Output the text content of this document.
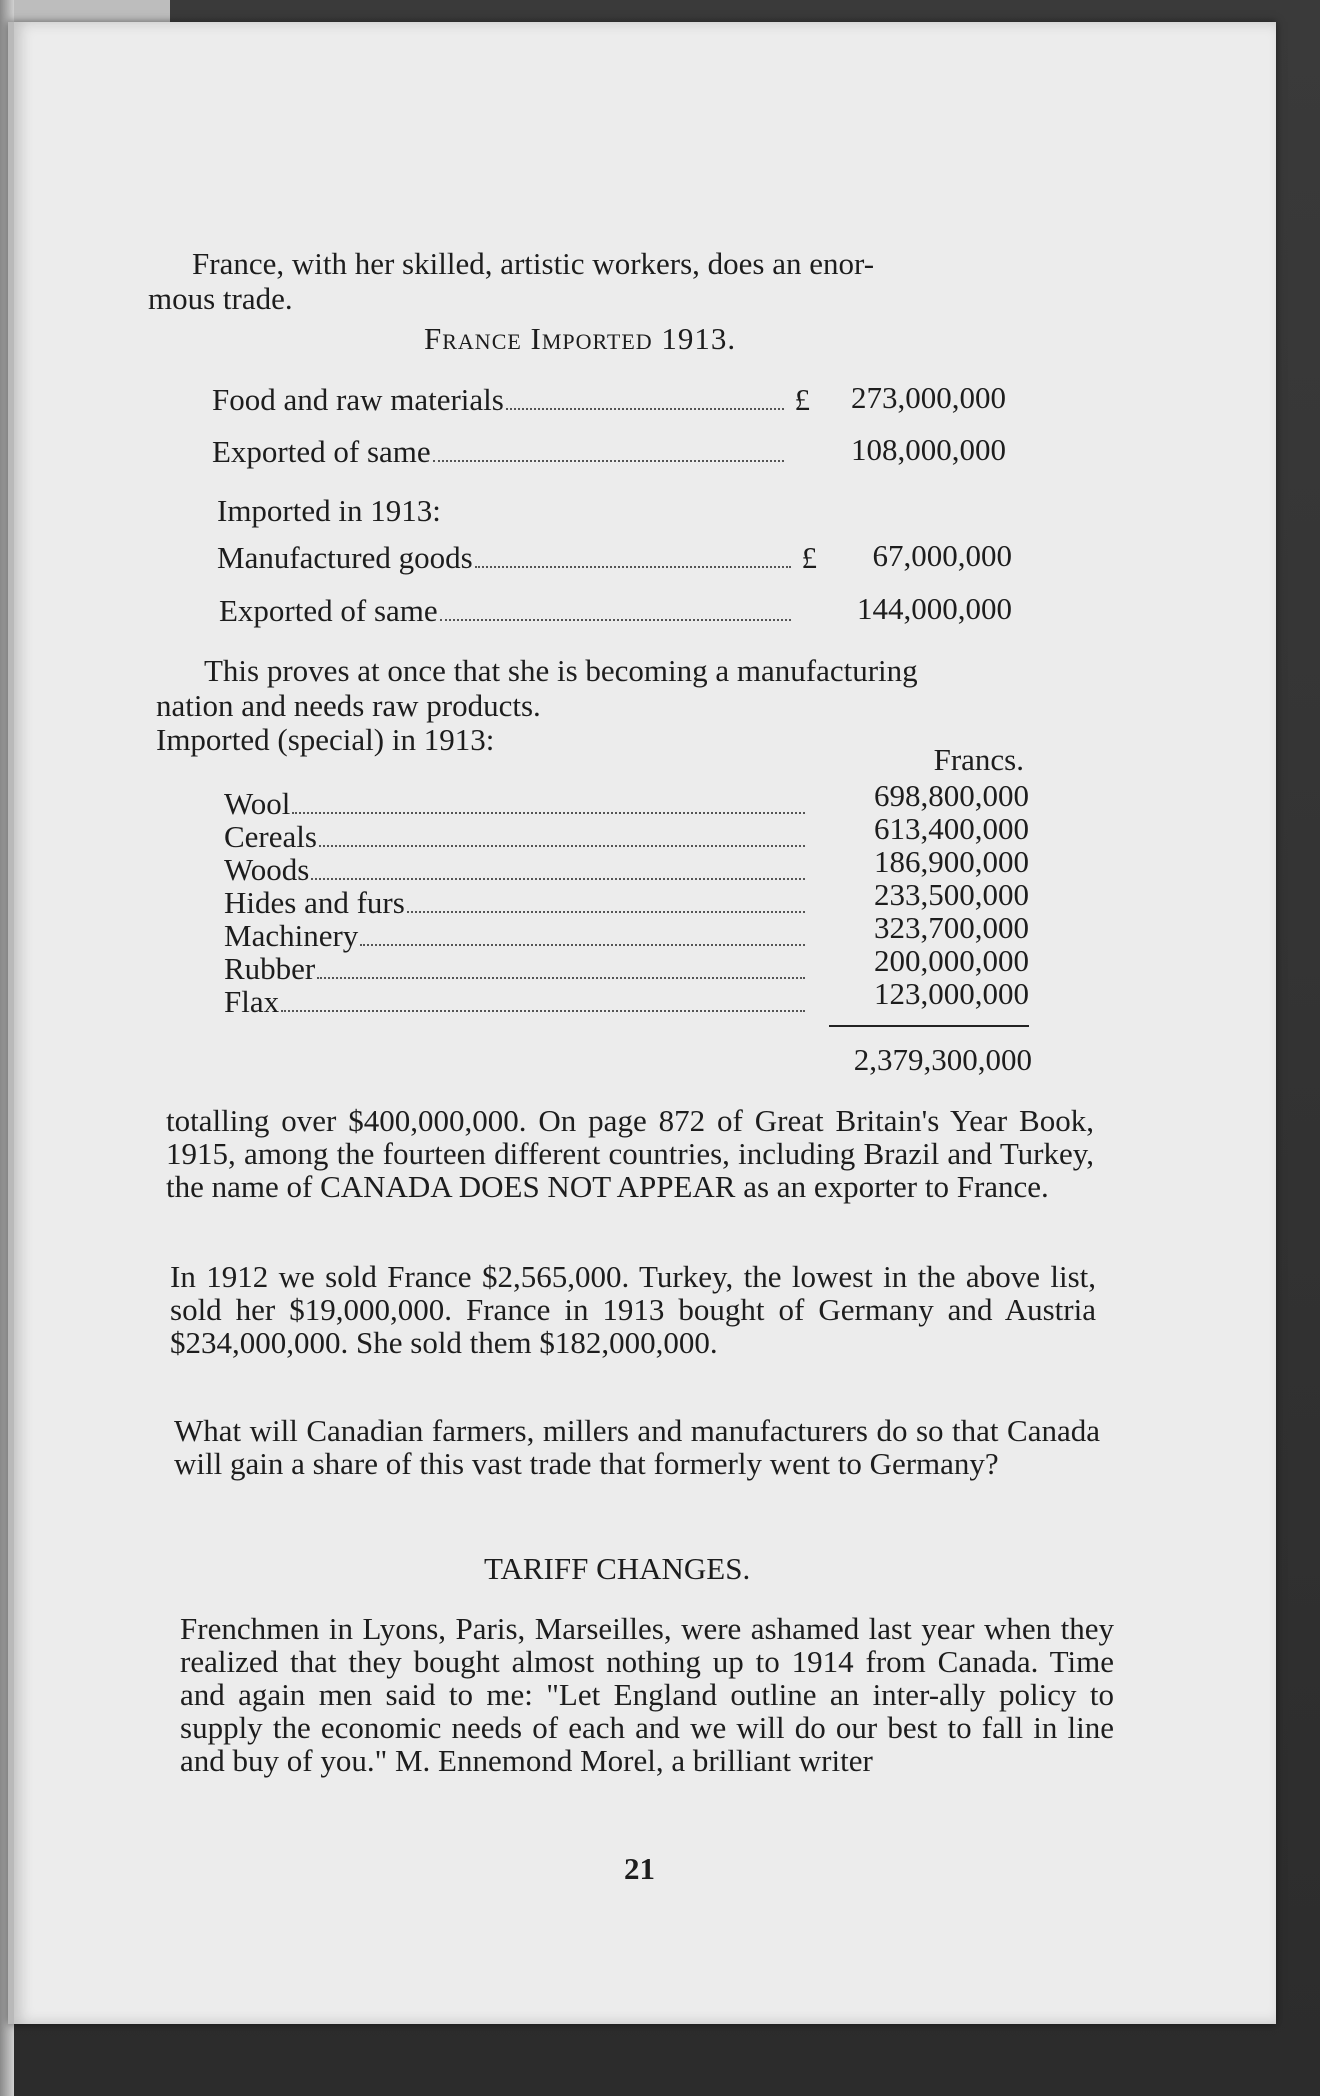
France, with her skilled, artistic workers, does an enor-
mous trade.
France Imported 1913.
Food and raw materials	£	273,000,000
Exported of same	108,000,000
Imported in 1913:
Manufactured goods	£	67,000,000
Exported of same	144,000,000
This proves at once that she is becoming a manufacturing
nation and needs raw products.
Imported (special) in 1913:
Francs.
Wool	698,800,000
Cereals	613,400,000
Woods	186,900,000
Hides and furs	233,500,000
Machinery	323,700,000
Rubber	200,000,000
Flax	123,000,000
2,379,300,000
totalling over $400,000,000. On page 872 of Great Britain's Year Book, 1915, among the fourteen different countries, including Brazil and Turkey, the name of CANADA DOES NOT APPEAR as an exporter to France.
In 1912 we sold France $2,565,000. Turkey, the lowest in the above list, sold her $19,000,000. France in 1913 bought of Germany and Austria $234,000,000. She sold them $182,000,000.
What will Canadian farmers, millers and manufacturers do so that Canada will gain a share of this vast trade that formerly went to Germany?
TARIFF CHANGES.
Frenchmen in Lyons, Paris, Marseilles, were ashamed last year when they realized that they bought almost nothing up to 1914 from Canada. Time and again men said to me: "Let England outline an inter-ally policy to supply the economic needs of each and we will do our best to fall in line and buy of you." M. Ennemond Morel, a brilliant writer
21
